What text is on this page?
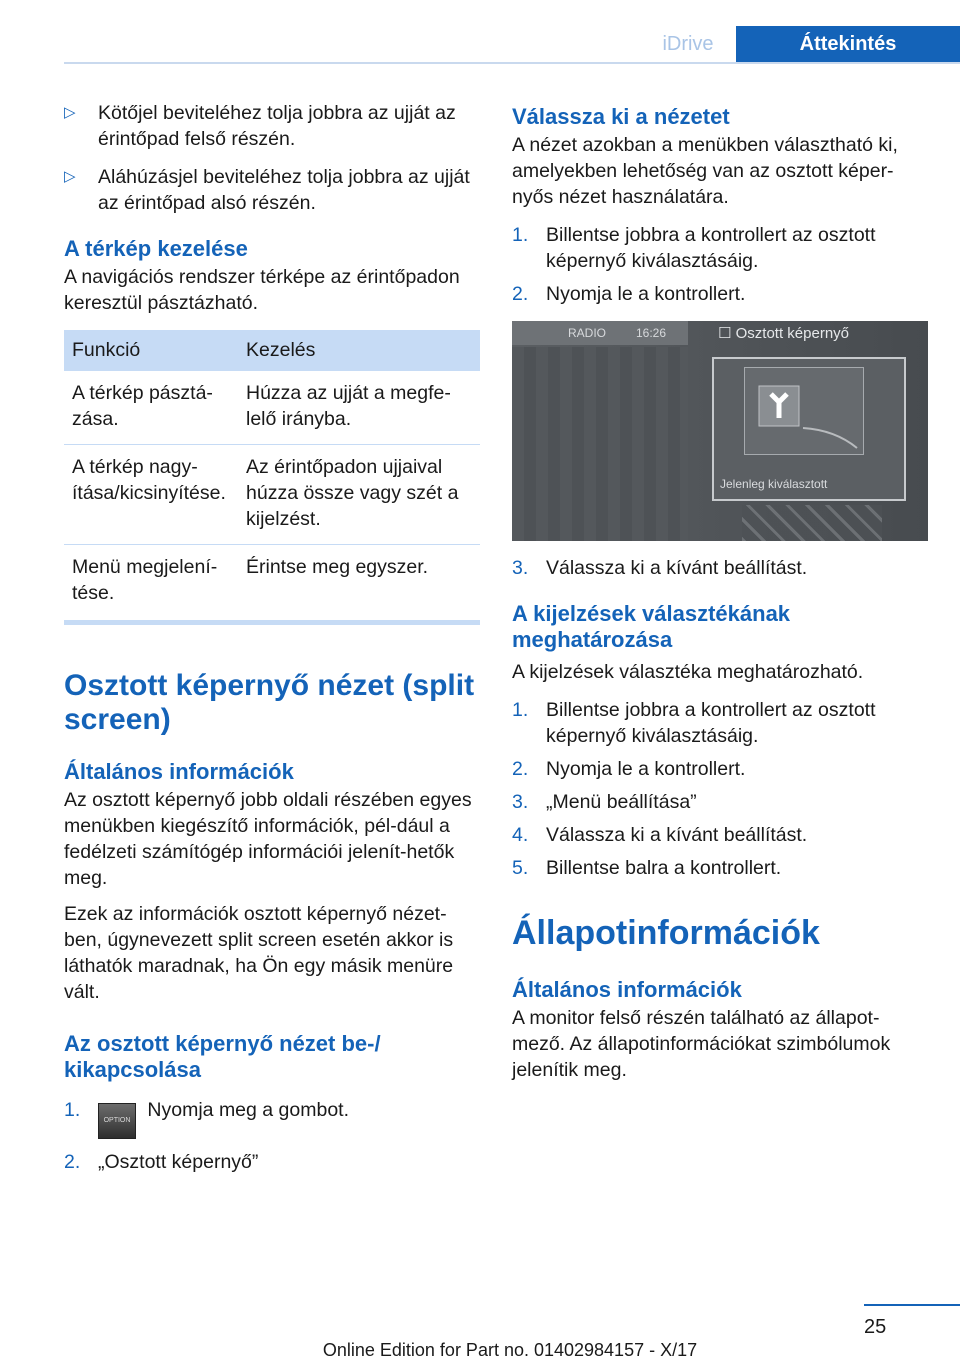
iDrive	Áttekintés
▷ Kötőjel beviteléhez tolja jobbra az ujját az érintőpad felső részén.
▷ Aláhúzásjel beviteléhez tolja jobbra az ujját az érintőpad alsó részén.
A térkép kezelése

A navigációs rendszer térképe az érintőpadon keresztül pásztázható.

Funkció	Kezelés
A térkép pásztá-zása.	Húzza az ujját a megfe-lelő irányba.
A térkép nagy-ítása/kicsinyítése.	Az érintőpadon ujjaival húzza össze vagy szét a kijelzést.
Menü megjelení-tése.	Érintse meg egyszer.
Osztott képernyő nézet (split screen)
Általános információk

Az osztott képernyő jobb oldali részében egyes menükben kiegészítő információk, pél-dául a fedélzeti számítógép információi jelenít-hetők meg.

Ezek az információk osztott képernyő nézet-ben, úgynevezett split screen esetén akkor is láthatók maradnak, ha Ön egy másik menüre vált.

Az osztott képernyő nézet be-/ kikapcsolása
1.	OPTION Nyomja meg a gombot.
2. „Osztott képernyő”
Válassza ki a nézetet

A nézet azokban a menükben választható ki, amelyekben lehetőség van az osztott képer-nyős nézet használatára.

1. Billentse jobbra a kontrollert az osztott képernyő kiválasztásáig.
2. Nyomja le a kontrollert.
RADIO 16:26	☐ Osztott képernyő
Jelenleg kiválasztott
3. Válassza ki a kívánt beállítást.
A kijelzések választékának meghatározása

A kijelzések választéka meghatározható.

1. Billentse jobbra a kontrollert az osztott képernyő kiválasztásáig.
2. Nyomja le a kontrollert.
3. „Menü beállítása”
4. Válassza ki a kívánt beállítást.
5. Billentse balra a kontrollert.
Állapotinformációk
Általános információk

A monitor felső részén található az állapot-mező. Az állapotinformációkat szimbólumok jelenítik meg.

25
Online Edition for Part no. 01402984157 - X/17
